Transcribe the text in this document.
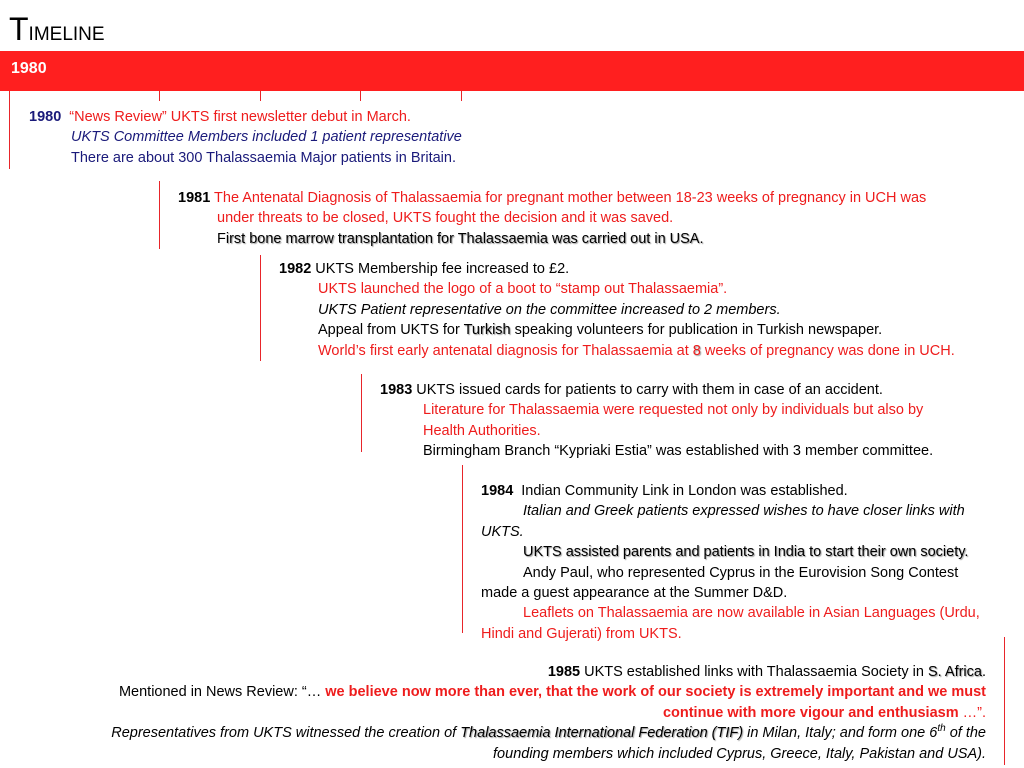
TIMELINE
1980
1980 “News Review” UKTS first newsletter debut in March.
UKTS Committee Members included 1 patient representative
There are about 300 Thalassaemia Major patients in Britain.
1981 The Antenatal Diagnosis of Thalassaemia for pregnant mother between 18-23 weeks of pregnancy in UCH was
under threats to be closed, UKTS fought the decision and it was saved.
First bone marrow transplantation for Thalassaemia was carried out in USA.
1982 UKTS Membership fee increased to £2.
UKTS launched the logo of a boot to “stamp out Thalassaemia”.
UKTS Patient representative on the committee increased to 2 members.
Appeal from UKTS for Turkish speaking volunteers for publication in Turkish newspaper.
World’s first early antenatal diagnosis for Thalassaemia at 8 weeks of pregnancy was done in UCH.
1983 UKTS issued cards for patients to carry with them in case of an accident.
Literature for Thalassaemia were requested not only by individuals but also by
Health Authorities.
Birmingham Branch “Kypriaki Estia” was established with 3 member committee.
1984 Indian Community Link in London was established.
Italian and Greek patients expressed wishes to have closer links with
UKTS.
UKTS assisted parents and patients in India to start their own society.
Andy Paul, who represented Cyprus in the Eurovision Song Contest
made a guest appearance at the Summer D&D.
Leaflets on Thalassaemia are now available in Asian Languages (Urdu,
Hindi and Gujerati) from UKTS.
1985 UKTS established links with Thalassaemia Society in S. Africa.
Mentioned in News Review: “… we believe now more than ever, that the work of our society is extremely important and we must
continue with more vigour and enthusiasm …”.
Representatives from UKTS witnessed the creation of Thalassaemia International Federation (TIF) in Milan, Italy; and form one 6th of the
founding members which included Cyprus, Greece, Italy, Pakistan and USA).
